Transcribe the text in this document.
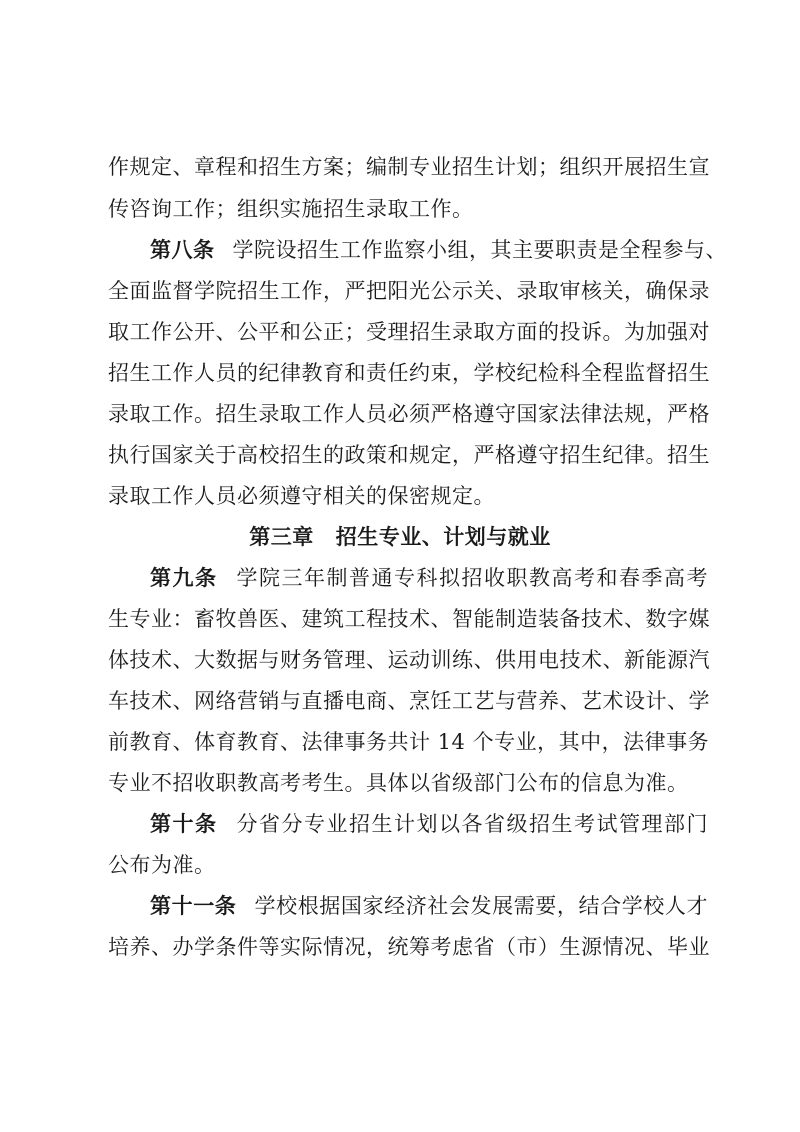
作规定、章程和招生方案；编制专业招生计划；组织开展招生宣
传咨询工作；组织实施招生录取工作。
第八条 学院设招生工作监察小组，其主要职责是全程参与、
全面监督学院招生工作，严把阳光公示关、录取审核关，确保录
取工作公开、公平和公正；受理招生录取方面的投诉。为加强对
招生工作人员的纪律教育和责任约束，学校纪检科全程监督招生
录取工作。招生录取工作人员必须严格遵守国家法律法规，严格
执行国家关于高校招生的政策和规定，严格遵守招生纪律。招生
录取工作人员必须遵守相关的保密规定。
第三章 招生专业、计划与就业
第九条 学院三年制普通专科拟招收职教高考和春季高考
生专业：畜牧兽医、建筑工程技术、智能制造装备技术、数字媒
体技术、大数据与财务管理、运动训练、供用电技术、新能源汽
车技术、网络营销与直播电商、烹饪工艺与营养、艺术设计、学
前教育、体育教育、法律事务共计 14 个专业，其中，法律事务
专业不招收职教高考考生。具体以省级部门公布的信息为准。
第十条 分省分专业招生计划以各省级招生考试管理部门
公布为准。
第十一条 学校根据国家经济社会发展需要，结合学校人才
培养、办学条件等实际情况，统筹考虑省（市）生源情况、毕业
